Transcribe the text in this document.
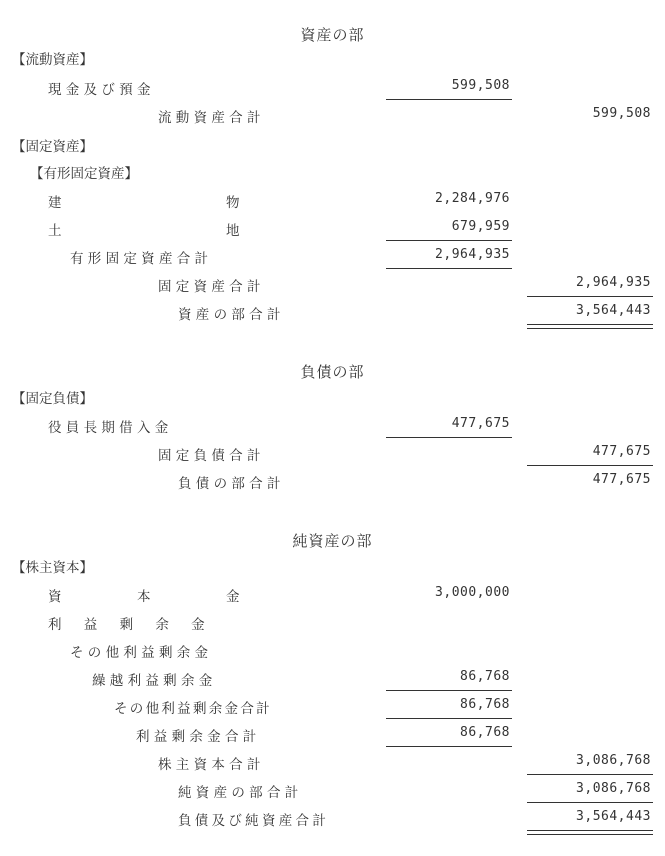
資産の部
【流動資産】
現 金 及 び 預 金	599,508
流 動 資 産 合 計	599,508
【固定資産】
【有形固定資産】
建	物	2,284,976
土	地	679,959
有 形 固 定 資 産 合 計	2,964,935
固 定 資 産 合 計	2,964,935
資 産 の 部 合 計	3,564,443
負債の部
【固定負債】
役 員 長 期 借 入 金	477,675
固 定 負 債 合 計	477,675
負 債 の 部 合 計	477,675
純資産の部
【株主資本】
資	本	金	3,000,000
利 益 剰 余 金
そ の 他 利 益 剰 余 金
繰 越 利 益 剰 余 金	86,768
そ の 他 利 益 剰 余 金 合 計	86,768
利 益 剰 余 金 合 計	86,768
株 主 資 本 合 計	3,086,768
純 資 産 の 部 合 計	3,086,768
負 債 及 び 純 資 産 合 計	3,564,443
